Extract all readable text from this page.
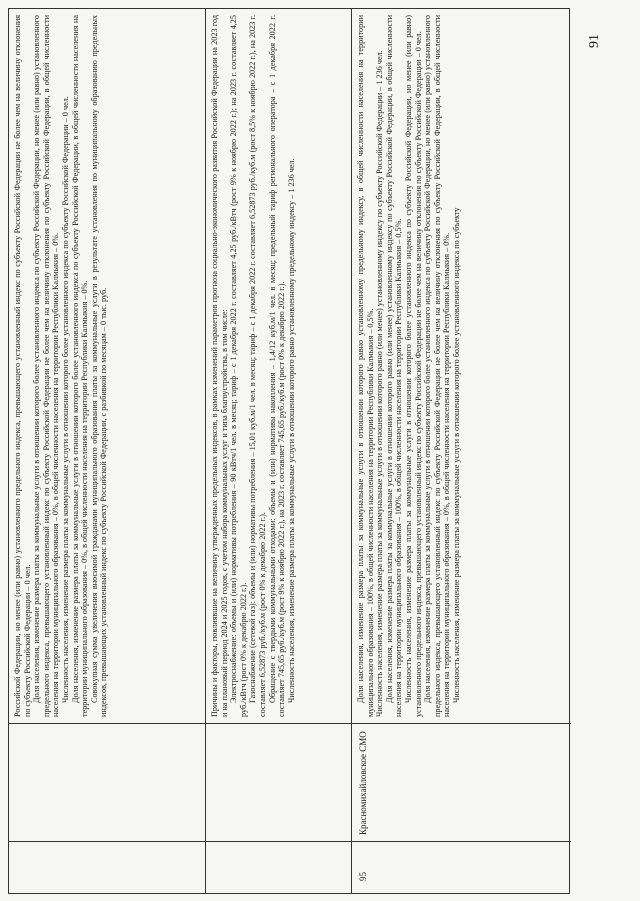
91

Российской Федерации, но менее (или равно) установленного предельного индекса, превышающего установленный индекс по субъекту Российской Федерации не более чем на величину отклонения по субъекту Российской Федерации – 0 чел. Доля населения, изменение размера платы за коммунальные услуги в отношении которого более установленного индекса по субъекту Российской Федерации, но менее (или равно) установленного предельного индекса, превышающего установленный индекс по субъекту Российской Федерации не более чем на величину отклонения по субъекту Российской Федерации, в общей численности населения на территории муниципального образования – 0%, в общей численности населения на территории Республики Калмыкия – 0%. Численность населения, изменение размера платы за коммунальные услуги в отношении которого более установленного индекса по субъекту Российской Федерации – 0 чел. Доля населения, изменение размера платы за коммунальные услуги в отношении которого более установленного индекса по субъекту Российской Федерации, в общей численности населения на территории муниципального образования – 0%, в общей численности населения на территории Республики Калмыкия – 0%. Совокупная сумма увеличения вносимой гражданами муниципального образования платы за коммунальные услуги в результате установления по муниципальному образованию предельных индексов, превышающих установленный индекс по субъекту Российской Федерации, с разбивкой по месяцам – 0 тыс. руб.	Причины и факторы, повлиявшие на величину утвержденных предельных индексов, в рамках изменений параметров прогноза социально-экономического развития Российской Федерации на 2023 год и на плановый период 2024 и 2025 годов, с учетом набора коммунальных услуг и типа благоустройства, в том числе: Электроснабжение: объемы и (или) нормативы потребления – 90 кВтч/1 чел. в месяц; тариф – с 1 декабря 2022 г. составляет 4,25 руб./кВтч (рост 9% к ноябрю 2022 г.); на 2023 г. составляет 4,25 руб./кВтч (рост 0% к декабрю 2022 г.). Газоснабжение (сетевой газ): объемы и (или) нормативы потребления – 15,01 куб.м/1 чел. в месяц; тариф – с 1 декабря 2022 г. составляет 6,52873 руб./куб.м (рост 8,5% к ноябрю 2022 г.), на 2023 г. составляет 6,52873 руб./куб.м (рост 0% к декабрю 2022 г.). Обращение с твердыми коммунальными отходами: объемы и (или) нормативы накопления – 1,4/12 куб.м/1 чел. в месяц; предельный тариф регионального оператора – с 1 декабря 2022 г. составляет 745,65 руб./куб.м (рост 9% к ноябрю 2022 г.), на 2023 г. составляет 745,65 руб./куб.м (рост 0% к декабрю 2022 г.). Численность населения, изменение размера платы за коммунальные услуги в отношении которого равно установленному предельному индексу – 1 236 чел.

95
Красномихайловское СМО

Доля населения, изменение размера платы за коммунальные услуги в отношении которого равно установленному предельному индексу, в общей численности населения на территории муниципального образования – 100%, в общей численности населения на территории Республики Калмыкия – 0,5%. Численность населения, изменение размера платы за коммунальные услуги в отношении которого равно (или менее) установленному индексу по субъекту Российской Федерации – 1 236 чел. Доля населения, изменение размера платы за коммунальные услуги в отношении которого равно (или менее) установленному индексу по субъекту Российской Федерации, в общей численности населения на территории муниципального образования – 100%, в общей численности населения на территории Республики Калмыкия – 0,5%. Численность населения, изменение размера платы за коммунальные услуги в отношении которого более установленного индекса по субъекту Российской Федерации, но менее (или равно) установленного предельного индекса, превышающего установленный индекс по субъекту Российской Федерации не более чем на величину отклонения по субъекту Российской Федерации – 0 чел. Доля населения, изменение размера платы за коммунальные услуги в отношении которого более установленного индекса по субъекту Российской Федерации, но менее (или равно) установленного предельного индекса, превышающего установленный индекс по субъекту Российской Федерации не более чем на величину отклонения по субъекту Российской Федерации, в общей численности населения на территории муниципального образования – 0%, в общей численности населения на территории Республики Калмыкия – 0%. Численность населения, изменение размера платы за коммунальные услуги в отношении которого более установленного индекса по субъекту
